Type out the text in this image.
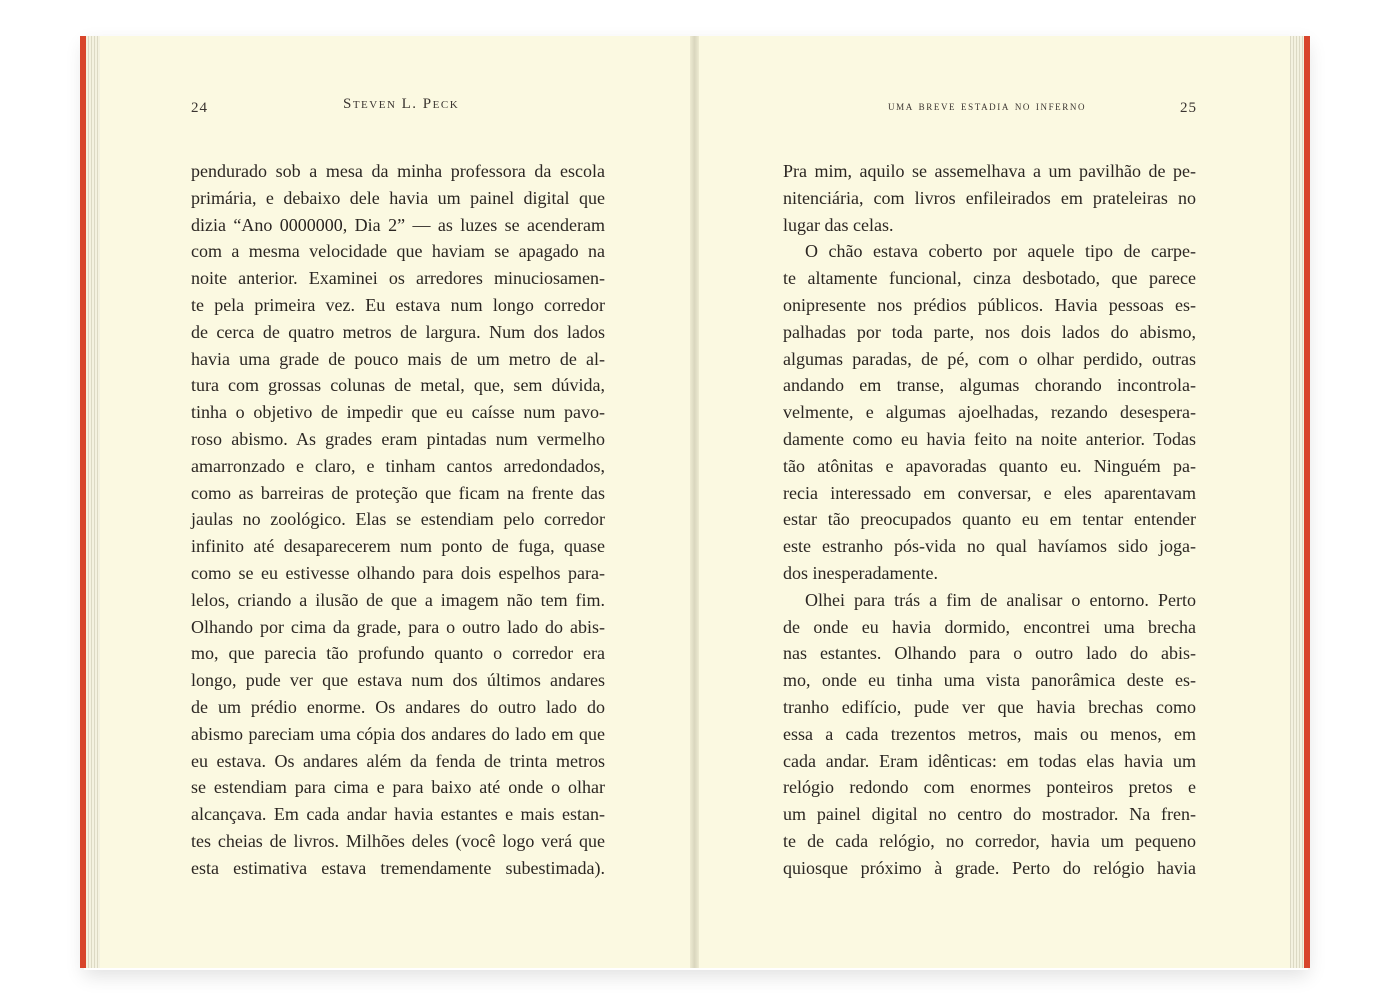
24	Steven L. Peck
pendurado sob a mesa da minha professora da escola
primária, e debaixo dele havia um painel digital que
dizia “Ano 0000000, Dia 2” — as luzes se acenderam
com a mesma velocidade que haviam se apagado na
noite anterior. Examinei os arredores minuciosamen-
te pela primeira vez. Eu estava num longo corredor
de cerca de quatro metros de largura. Num dos lados
havia uma grade de pouco mais de um metro de al-
tura com grossas colunas de metal, que, sem dúvida,
tinha o objetivo de impedir que eu caísse num pavo-
roso abismo. As grades eram pintadas num vermelho
amarronzado e claro, e tinham cantos arredondados,
como as barreiras de proteção que ficam na frente das
jaulas no zoológico. Elas se estendiam pelo corredor
infinito até desaparecerem num ponto de fuga, quase
como se eu estivesse olhando para dois espelhos para-
lelos, criando a ilusão de que a imagem não tem fim.
Olhando por cima da grade, para o outro lado do abis-
mo, que parecia tão profundo quanto o corredor era
longo, pude ver que estava num dos últimos andares
de um prédio enorme. Os andares do outro lado do
abismo pareciam uma cópia dos andares do lado em que
eu estava. Os andares além da fenda de trinta metros
se estendiam para cima e para baixo até onde o olhar
alcançava. Em cada andar havia estantes e mais estan-
tes cheias de livros. Milhões deles (você logo verá que
esta estimativa estava tremendamente subestimada).
uma breve estadia no inferno	25
Pra mim, aquilo se assemelhava a um pavilhão de pe-
nitenciária, com livros enfileirados em prateleiras no
lugar das celas.
O chão estava coberto por aquele tipo de carpe-
te altamente funcional, cinza desbotado, que parece
onipresente nos prédios públicos. Havia pessoas es-
palhadas por toda parte, nos dois lados do abismo,
algumas paradas, de pé, com o olhar perdido, outras
andando em transe, algumas chorando incontrola-
velmente, e algumas ajoelhadas, rezando desespera-
damente como eu havia feito na noite anterior. Todas
tão atônitas e apavoradas quanto eu. Ninguém pa-
recia interessado em conversar, e eles aparentavam
estar tão preocupados quanto eu em tentar entender
este estranho pós-vida no qual havíamos sido joga-
dos inesperadamente.
Olhei para trás a fim de analisar o entorno. Perto
de onde eu havia dormido, encontrei uma brecha
nas estantes. Olhando para o outro lado do abis-
mo, onde eu tinha uma vista panorâmica deste es-
tranho edifício, pude ver que havia brechas como
essa a cada trezentos metros, mais ou menos, em
cada andar. Eram idênticas: em todas elas havia um
relógio redondo com enormes ponteiros pretos e
um painel digital no centro do mostrador. Na fren-
te de cada relógio, no corredor, havia um pequeno
quiosque próximo à grade. Perto do relógio havia
